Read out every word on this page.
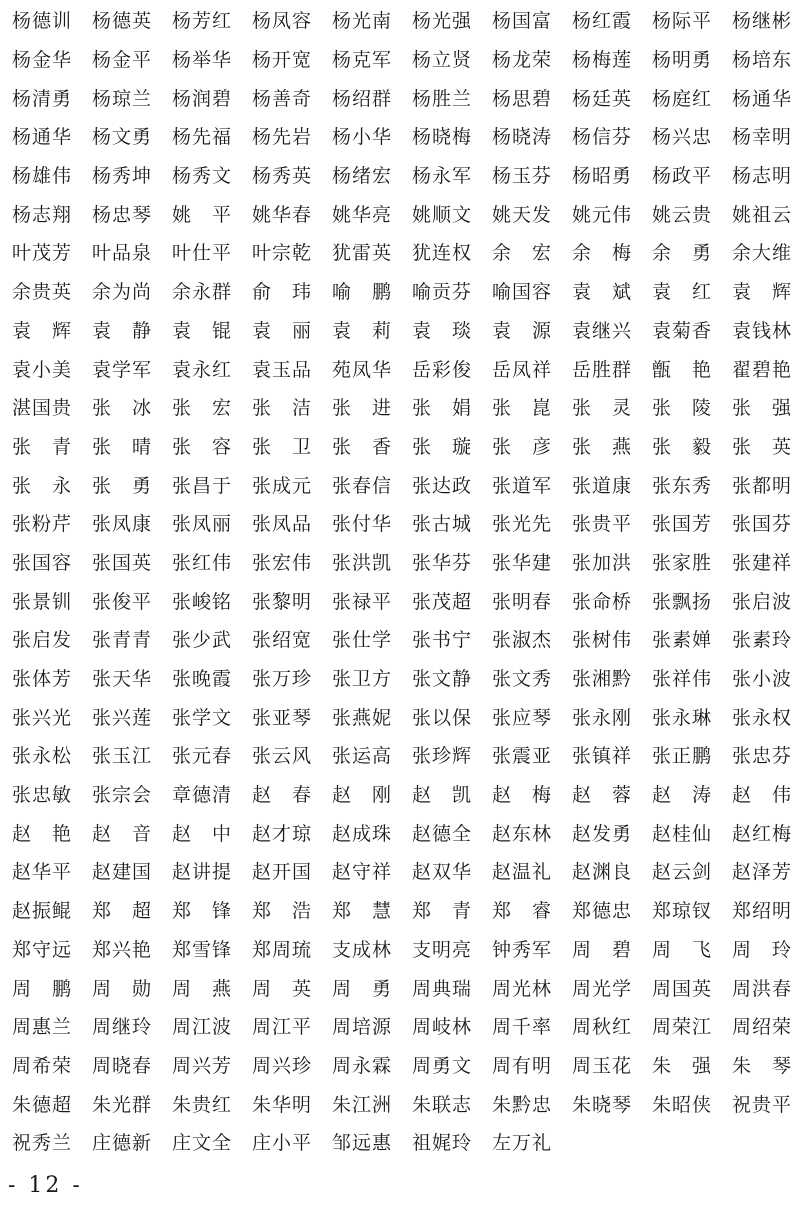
杨德训	杨德英	杨芳红	杨凤容	杨光南	杨光强	杨国富	杨红霞	杨际平	杨继彬
杨金华	杨金平	杨举华	杨开宽	杨克军	杨立贤	杨龙荣	杨梅莲	杨明勇	杨培东
杨清勇	杨琼兰	杨润碧	杨善奇	杨绍群	杨胜兰	杨思碧	杨廷英	杨庭红	杨通华
杨通华	杨文勇	杨先福	杨先岩	杨小华	杨晓梅	杨晓涛	杨信芬	杨兴忠	杨幸明
杨雄伟	杨秀坤	杨秀文	杨秀英	杨绪宏	杨永军	杨玉芬	杨昭勇	杨政平	杨志明
杨志翔	杨忠琴	姚　平	姚华春	姚华亮	姚顺文	姚天发	姚元伟	姚云贵	姚祖云
叶茂芳	叶品泉	叶仕平	叶宗乾	犹雷英	犹连权	余　宏	余　梅	余　勇	余大维
余贵英	余为尚	余永群	俞　玮	喻　鹏	喻贡芬	喻国容	袁　斌	袁　红	袁　辉
袁　辉	袁　静	袁　锟	袁　丽	袁　莉	袁　琰	袁　源	袁继兴	袁菊香	袁钱林
袁小美	袁学军	袁永红	袁玉品	苑凤华	岳彩俊	岳凤祥	岳胜群	甑　艳	翟碧艳
湛国贵	张　冰	张　宏	张　洁	张　进	张　娟	张　崑	张　灵	张　陵	张　强
张　青	张　晴	张　容	张　卫	张　香	张　璇	张　彦	张　燕	张　毅	张　英
张　永	张　勇	张昌于	张成元	张春信	张达政	张道军	张道康	张东秀	张都明
张粉芹	张凤康	张凤丽	张凤品	张付华	张古城	张光先	张贵平	张国芳	张国芬
张国容	张国英	张红伟	张宏伟	张洪凯	张华芬	张华建	张加洪	张家胜	张建祥
张景钏	张俊平	张峻铭	张黎明	张禄平	张茂超	张明春	张命桥	张飘扬	张启波
张启发	张青青	张少武	张绍宽	张仕学	张书宁	张淑杰	张树伟	张素婵	张素玲
张体芳	张天华	张晚霞	张万珍	张卫方	张文静	张文秀	张湘黔	张祥伟	张小波
张兴光	张兴莲	张学文	张亚琴	张燕妮	张以保	张应琴	张永刚	张永琳	张永权
张永松	张玉江	张元春	张云风	张运高	张珍辉	张震亚	张镇祥	张正鹏	张忠芬
张忠敏	张宗会	章德清	赵　春	赵　刚	赵　凯	赵　梅	赵　蓉	赵　涛	赵　伟
赵　艳	赵　音	赵　中	赵才琼	赵成珠	赵德全	赵东林	赵发勇	赵桂仙	赵红梅
赵华平	赵建国	赵讲提	赵开国	赵守祥	赵双华	赵温礼	赵渊良	赵云剑	赵泽芳
赵振鲲	郑　超	郑　锋	郑　浩	郑　慧	郑　青	郑　睿	郑德忠	郑琼钗	郑绍明
郑守远	郑兴艳	郑雪锋	郑周琉	支成林	支明亮	钟秀军	周　碧	周　飞	周　玲
周　鹏	周　勋	周　燕	周　英	周　勇	周典瑞	周光林	周光学	周国英	周洪春
周惠兰	周继玲	周江波	周江平	周培源	周岐林	周千率	周秋红	周荣江	周绍荣
周希荣	周晓春	周兴芳	周兴珍	周永霖	周勇文	周有明	周玉花	朱　强	朱　琴
朱德超	朱光群	朱贵红	朱华明	朱江洲	朱联志	朱黔忠	朱晓琴	朱昭侠	祝贵平
祝秀兰	庄德新	庄文全	庄小平	邹远惠	祖娓玲	左万礼
- 12 -
